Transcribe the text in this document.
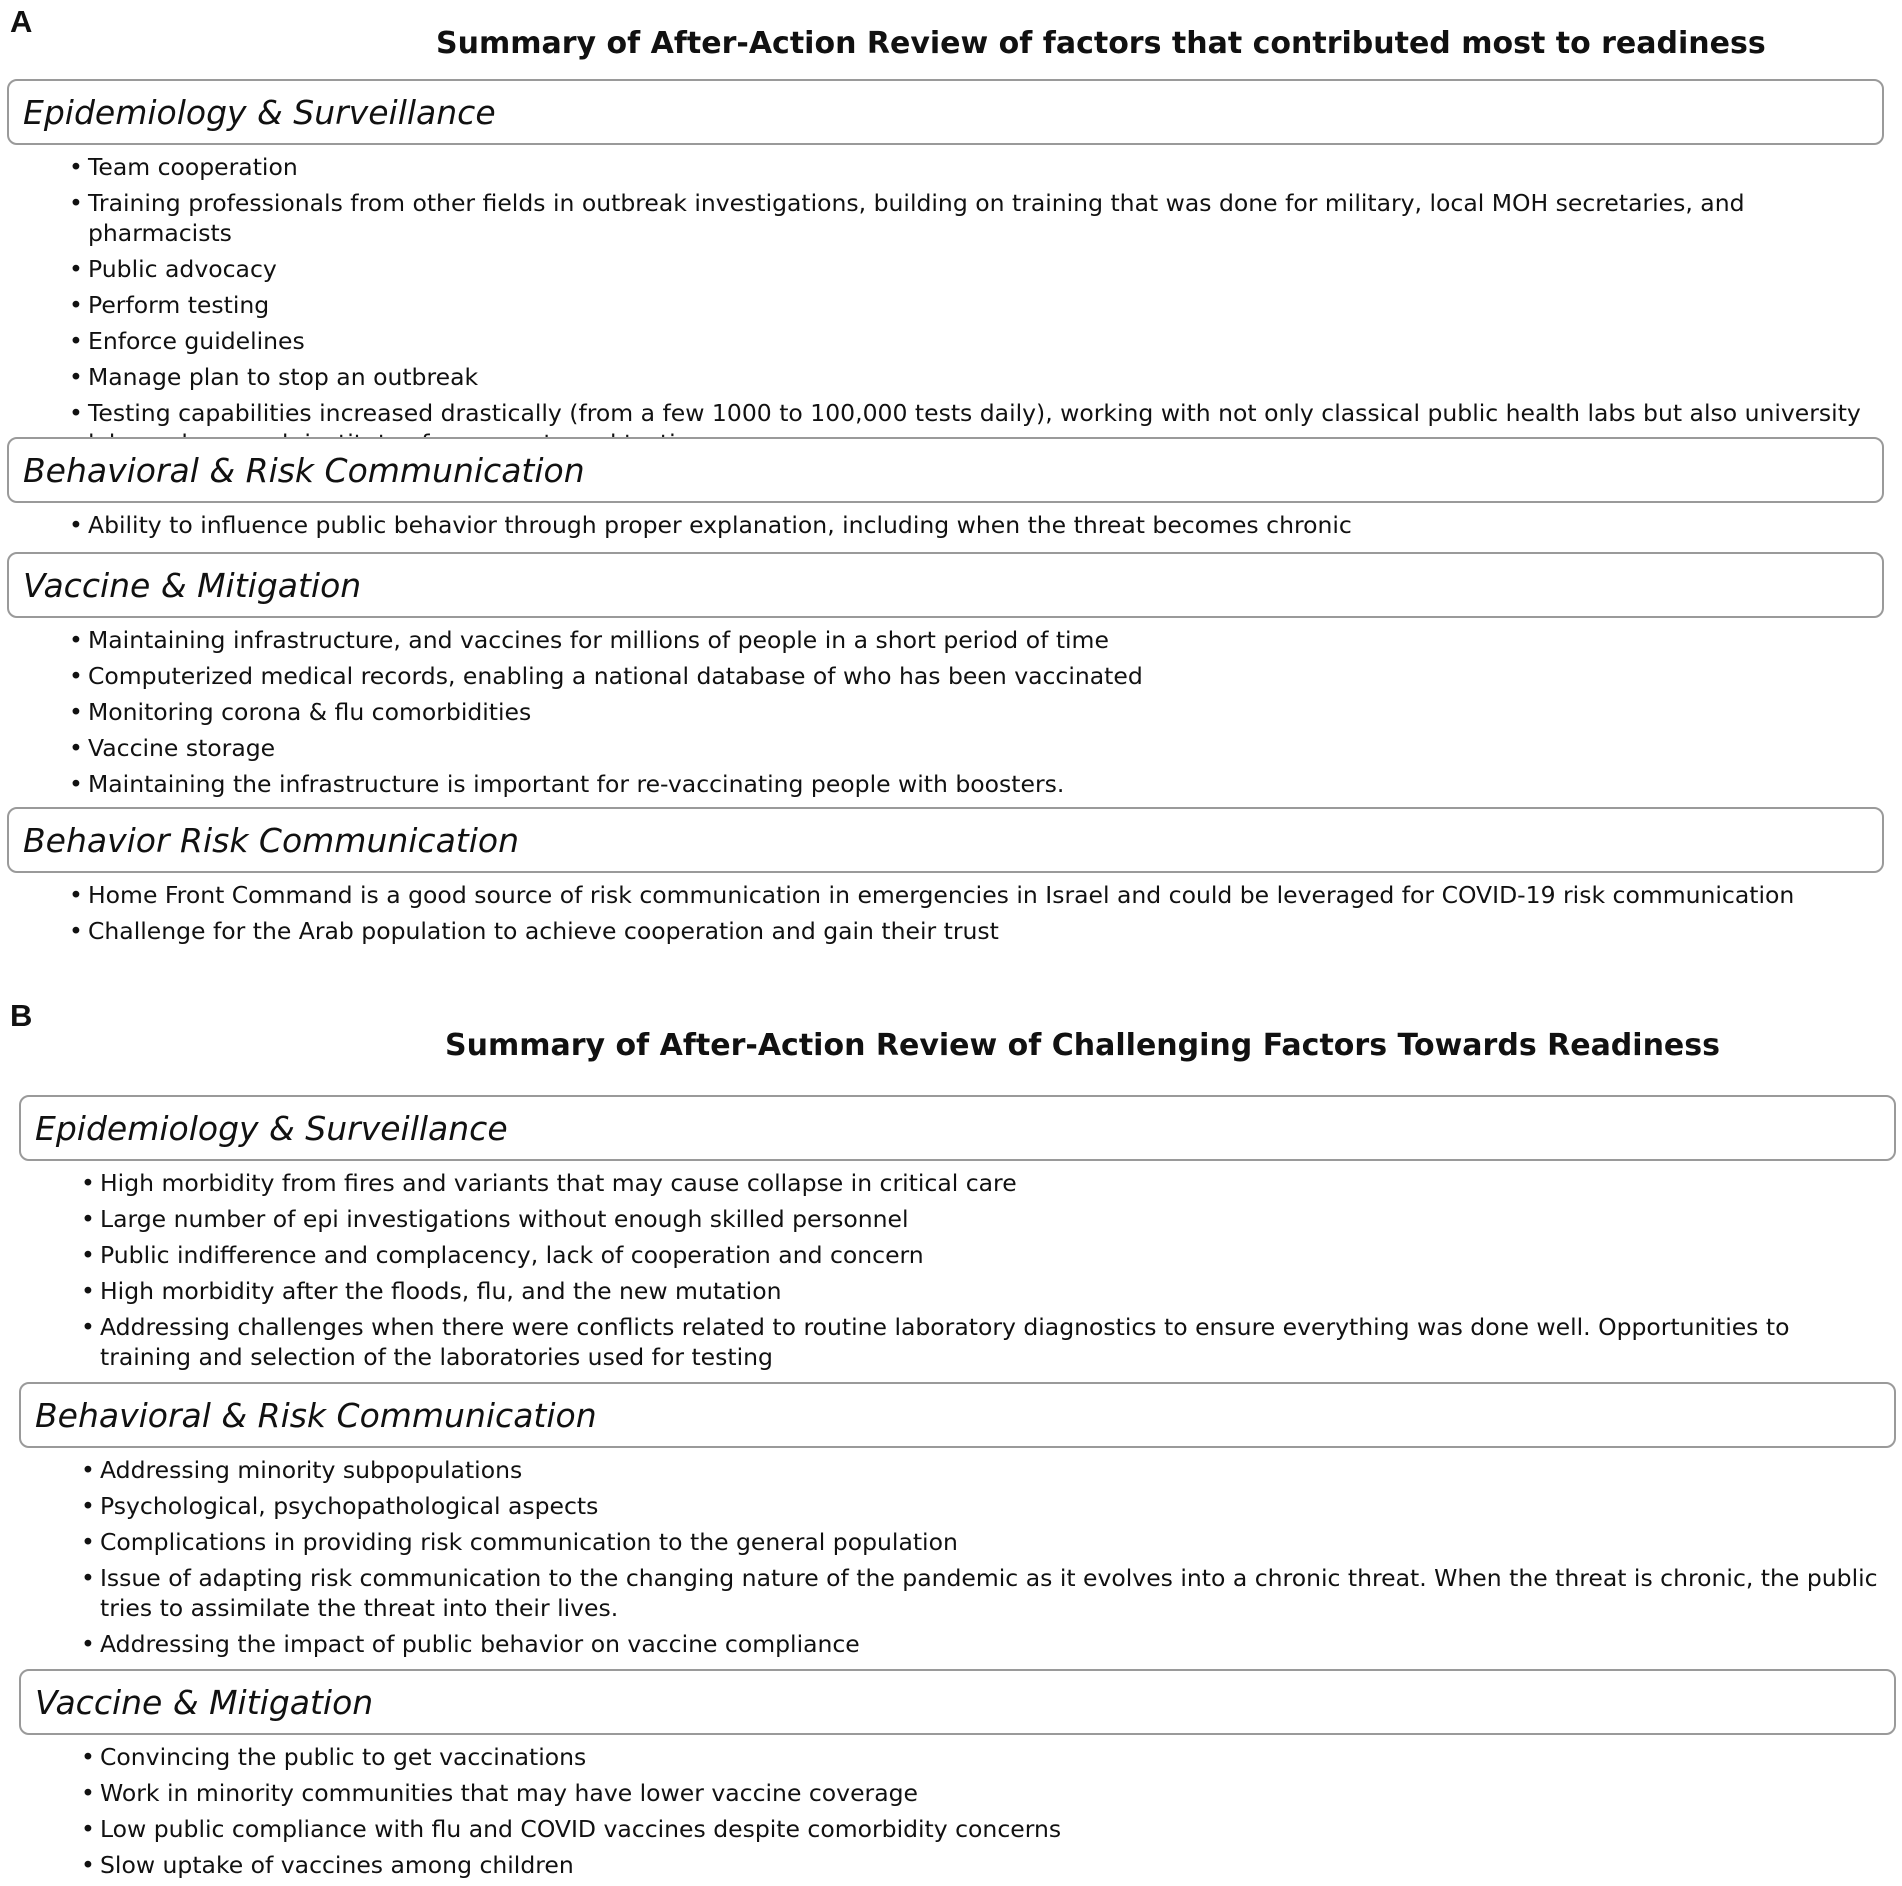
A
Summary of After-Action Review of factors that contributed most to readiness
Epidemiology & Surveillance
• Team cooperation
• Training professionals from other fields in outbreak investigations, building on training that was done for military, local MOH secretaries, and pharmacists
• Public advocacy
• Perform testing
• Enforce guidelines
• Manage plan to stop an outbreak
• Testing capabilities increased drastically (from a few 1000 to 100,000 tests daily), working with not only classical public health labs but also university
Behavioral & Risk Communication
• Ability to influence public behavior through proper explanation, including when the threat becomes chronic
Vaccine & Mitigation
• Maintaining infrastructure, and vaccines for millions of people in a short period of time
• Computerized medical records, enabling a national database of who has been vaccinated
• Monitoring corona & flu comorbidities
• Vaccine storage
• Maintaining the infrastructure is important for re-vaccinating people with boosters.
Behavior Risk Communication
• Home Front Command is a good source of risk communication in emergencies in Israel and could be leveraged for COVID-19 risk communication
• Challenge for the Arab population to achieve cooperation and gain their trust
B
Summary of After-Action Review of Challenging Factors Towards Readiness
Epidemiology & Surveillance
• High morbidity from fires and variants that may cause collapse in critical care
• Large number of epi investigations without enough skilled personnel
• Public indifference and complacency, lack of cooperation and concern
• High morbidity after the floods, flu, and the new mutation
• Addressing challenges when there were conflicts related to routine laboratory diagnostics to ensure everything was done well. Opportunities to training and selection of the laboratories used for testing
Behavioral & Risk Communication
• Addressing minority subpopulations
• Psychological, psychopathological aspects
• Complications in providing risk communication to the general population
• Issue of adapting risk communication to the changing nature of the pandemic as it evolves into a chronic threat. When the threat is chronic, the public tries to assimilate the threat into their lives.
• Addressing the impact of public behavior on vaccine compliance
Vaccine & Mitigation
• Convincing the public to get vaccinations
• Work in minority communities that may have lower vaccine coverage
• Low public compliance with flu and COVID vaccines despite comorbidity concerns
• Slow uptake of vaccines among children
